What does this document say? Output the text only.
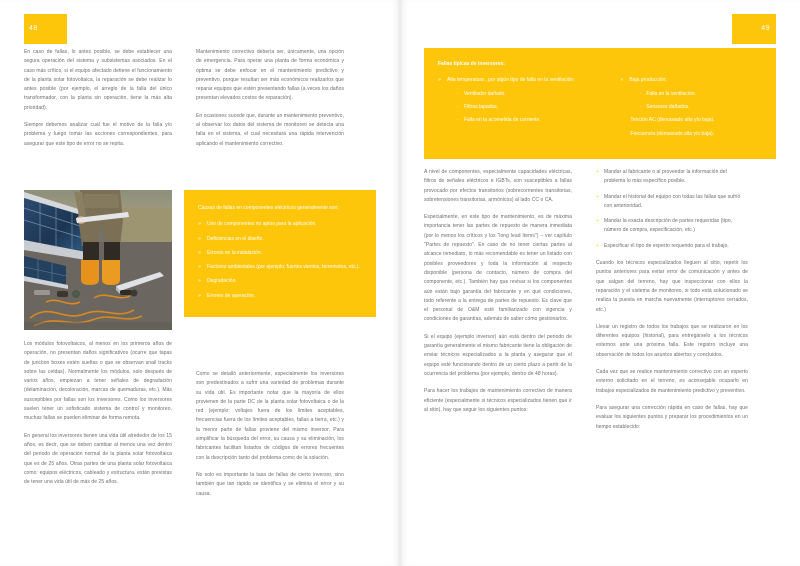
48

En caso de fallas, lo antes posible, se debe establecer una segura operación del sistema y subsistemas asociados. En el caso más crítico, si el equipo afectado detiene el funcionamiento de la planta solar fotovoltaica, la reparación se debe realizar lo antes posible (por ejemplo, el arreglo de la falla del único transformador, con la planta sin operación, tiene la más alta prioridad).

Siempre debemos analizar cuál fue el motivo de la falla y/o problema y luego tomar las acciones correspondientes, para asegurar que este tipo de error no se repita.

Mantenimiento correctivo debería ser, únicamente, una opción de emergencia. Para operar una planta de forma económica y óptima se debe enfocar en el mantenimiento predictivo y preventivo, porque resultan ser más económicos realizarlos que reparar equipos que estén presentando fallas (a veces los daños presentan elevados costos de reparación).

En ocasiones sucede que, durante un mantenimiento preventivo, al observar los datos del sistema de monitoreo se detecta una falla en el sistema, el cual necesitará una rápida intervención aplicando el mantenimiento correctivo.

Causas de fallas en componentes eléctricos generalmente son:

» Uso de componentes no aptos para la aplicación.
» Deficiencias en el diseño.
» Errores en la instalación.
» Factores ambientales (por ejemplo, fuertes vientos, terremotos, etc.).
» Degradación.
» Errores de operación.

Los módulos fotovoltaicos, al menos en los primeros años de operación, no presentan daños significativos (ocurre que tapas de junction boxes estén sueltas o que se observan snail tracks sobre las celdas). Normalmente los módulos, solo después de varios años, empiezan a tener señales de degradación (delaminación, decoloración, marcas de quemaduras, etc.). Más susceptibles por fallas son los inversores. Como los inversores suelen tener un sofisticado sistema de control y monitoreo, muchas fallas se pueden eliminar de forma remota.

En general los inversores tienen una vida útil alrededor de los 15 años, es decir, que se deben cambiar al menos una vez dentro del periodo de operación normal de la planta solar fotovoltaica que es de 25 años. Otras partes de una planta solar fotovoltaica como: equipos eléctricos, cableado y estructura, están previstas de tener una vida útil de más de 25 años.

Como se detalló anteriormente, especialmente los inversores son predestinados a sufrir una variedad de problemas durante su vida útil. Es importante notar que la mayoría de ellos provienen de la parte DC de la planta solar fotovoltaica o de la red (ejemplo: voltajes fuera de los límites aceptables, frecuencias fuera de los límites aceptables, fallas a tierra, etc.) y la menor parte de fallas proviene del mismo inversor. Para simplificar la búsqueda del error, su causa y su eliminación, los fabricantes facilitan listados de códigos de errores frecuentes con la descripción tanto del problema como de la solución.

No solo es importante la tasa de fallas de cierto inversor, sino también que tan rápido se identifica y se elimina el error y su causa.

49

Fallas típicas de inversores:

» Alta temperatura , por algún tipo de falla en la ventilación:
· Ventilador dañado.
· Filtros tapados.
· Falla en la acometida de corriente.
» Baja producción:
· Falla en la ventilación.
· Sensores dañados.

Tención AC (demasiado alta y/o baja).

Frecuencia (demasiado alta y/o baja).

A nivel de componentes, especialmente capacidades eléctricas, filtros de señales eléctricos e IGBTs, son susceptibles a fallas provocado por efectos transitorios (sobrecorrientes transitorias, sobretensiones transitorias, armónicos) al lado CC o CA.

Especialmente, en este tipo de mantenimiento, es de máxima importancia tener las partes de repuesto de manera inmediata (por lo menos los críticos y los "long lead ítems") – ver capítulo "Partes de repuesto". En caso de no tener ciertas partes al alcance inmediato, lo más recomendable es tener un listado con posibles proveedores y toda la información al respecto disponible (persona de contacto, número de compra del componente, etc.). También hay que revisar si los componentes aún están bajo garantía del fabricante y en qué condiciones, todo referente a la entrega de partes de repuesto. Es clave que el personal de O&M esté familiarizado con vigencia y condiciones de garantías, además de saber cómo gestionarlos.

Si el equipo (ejemplo inversor) aún está dentro del periodo de garantía generalmente el mismo fabricante tiene la obligación de enviar técnicos especializados a la planta y asegurar que el equipo esté funcionando dentro de un cierto plazo a partir de la ocurrencia del problema (por ejemplo, dentro de 48 horas).

Para hacer los trabajos de mantenimiento correctivo de manera eficiente (especialmente si técnicos especializados tienen que ir al sitio), hay que seguir los siguientes puntos:

» Mandar al fabricante o al proveedor la información del problema lo más específico posible.
» Mandar el historial del equipo con todas las fallas que sufrió con anterioridad.
» Mandar la exacta descripción de partes requeridas (tipo, número de compra, especificación, etc.)
» Especificar el tipo de experto requerido para el trabajo.

Cuando los técnicos especializados lleguen al sitio, repetir los puntos anteriores para evitar error de comunicación y antes de que salgan del terreno, hay que inspeccionar con ellos la reparación y el sistema de monitoreo, si todo está solucionado se realiza la puesta en marcha nuevamente (interruptores cerrados, etc.)

Llevar un registro de todos los trabajos que se realizaron en los diferentes equipos (historial), para entregárselo a los técnicos externos ante una próxima falla. Este registro incluye una observación de todos los asuntos abiertos y concluidos.

Cada vez que se realice mantenimiento correctivo con un experto externo solicitado en el terreno, es aconsejable ocuparlo en trabajos especializados de mantenimiento predictivo y preventivo.

Para asegurar una corrección rápida en caso de fallas, hay que evaluar los siguientes puntos y preparar los procedimientos en un tiempo establecido:
